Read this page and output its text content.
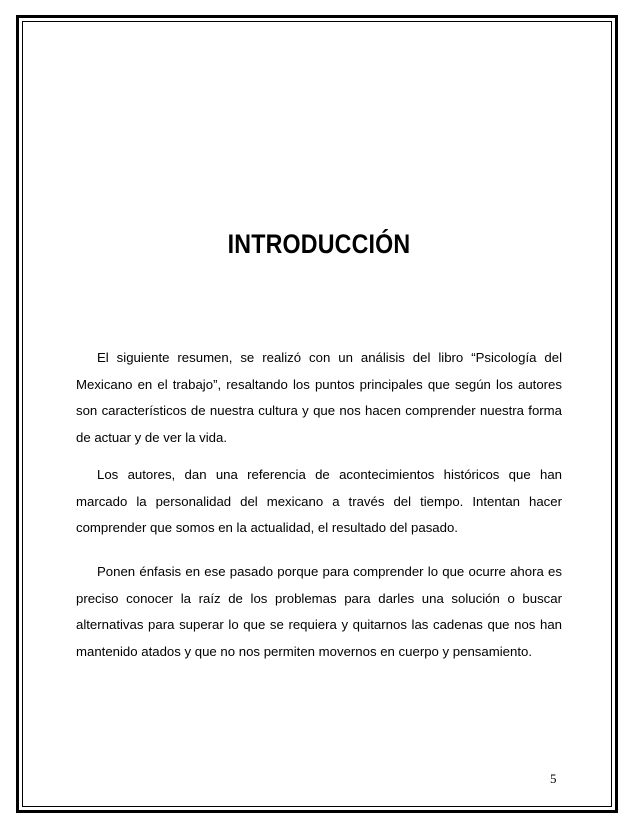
INTRODUCCIÓN

El siguiente resumen, se realizó con un análisis del libro “Psicología del Mexicano en el trabajo”, resaltando los puntos principales que según los autores son característicos de nuestra cultura y que nos hacen comprender nuestra forma de actuar y de ver la vida.

Los autores, dan una referencia de acontecimientos históricos que han marcado la personalidad del mexicano a través del tiempo. Intentan hacer comprender que somos en la actualidad, el resultado del pasado.

Ponen énfasis en ese pasado porque para comprender lo que ocurre ahora es preciso conocer la raíz de los problemas para darles una solución o buscar alternativas para superar lo que se requiera y quitarnos las cadenas que nos han mantenido atados y que no nos permiten movernos en cuerpo y pensamiento.

5
